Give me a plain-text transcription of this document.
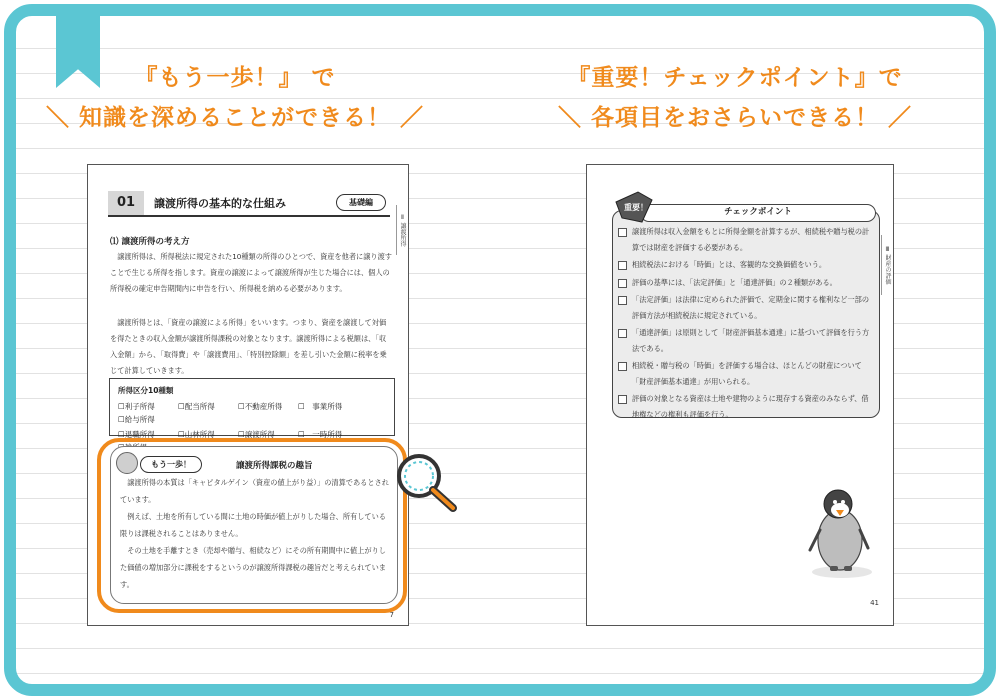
『もう一歩！』 で
＼ 知識を深めることができる！ ／
『重要！チェックポイント』で
＼ 各項目をおさらいできる！ ／
Ⅱ 譲渡所得
01	譲渡所得の基本的な仕組み	基礎編
⑴ 譲渡所得の考え方
　譲渡所得は、所得税法に規定された10種類の所得のひとつで、資産を他者に譲り渡すことで生じる所得を指します。資産の譲渡によって譲渡所得が生じた場合には、個人の所得税の確定申告期間内に申告を行い、所得税を納める必要があります。
　譲渡所得とは、「資産の譲渡による所得」をいいます。つまり、資産を譲渡して対価を得たときの収入金額が譲渡所得課税の対象となります。譲渡所得による税額は、「収入金額」から、「取得費」や「譲渡費用」、「特別控除額」を差し引いた金額に税率を乗じて計算していきます。
7
所得区分10種類
☐利子所得	☐配当所得	☐不動産所得	☐　事業所得
☐給与所得
☐退職所得	☐山林所得	☐譲渡所得	☐　一時所得
もう一歩！	譲渡所得課税の趣旨
　譲渡所得の本質は「キャピタルゲイン（資産の値上がり益）」の清算であるとされています。
　例えば、土地を所有している間に土地の時価が値上がりした場合、所有している限りは課税されることはありません。
　その土地を手離すとき（売却や贈与、相続など）にその所有期間中に値上がりした価値の増加部分に課税をするというのが譲渡所得課税の趣旨だと考えられています。
Ⅲ 財産の評価
41
チェックポイント
重要！
譲渡所得は収入金額をもとに所得金額を計算するが、相続税や贈与税の計算では財産を評価する必要がある。
相続税法における「時価」とは、客観的な交換価値をいう。
評価の基準には、「法定評価」と「通達評価」の２種類がある。
「法定評価」は法律に定められた評価で、定期金に関する権利など一部の評価方法が相続税法に規定されている。
「通達評価」は原則として「財産評価基本通達」に基づいて評価を行う方法である。
相続税・贈与税の「時価」を評価する場合は、ほとんどの財産について「財産評価基本通達」が用いられる。
評価の対象となる資産は土地や建物のように現存する資産のみならず、借地権などの権利も評価を行う。
